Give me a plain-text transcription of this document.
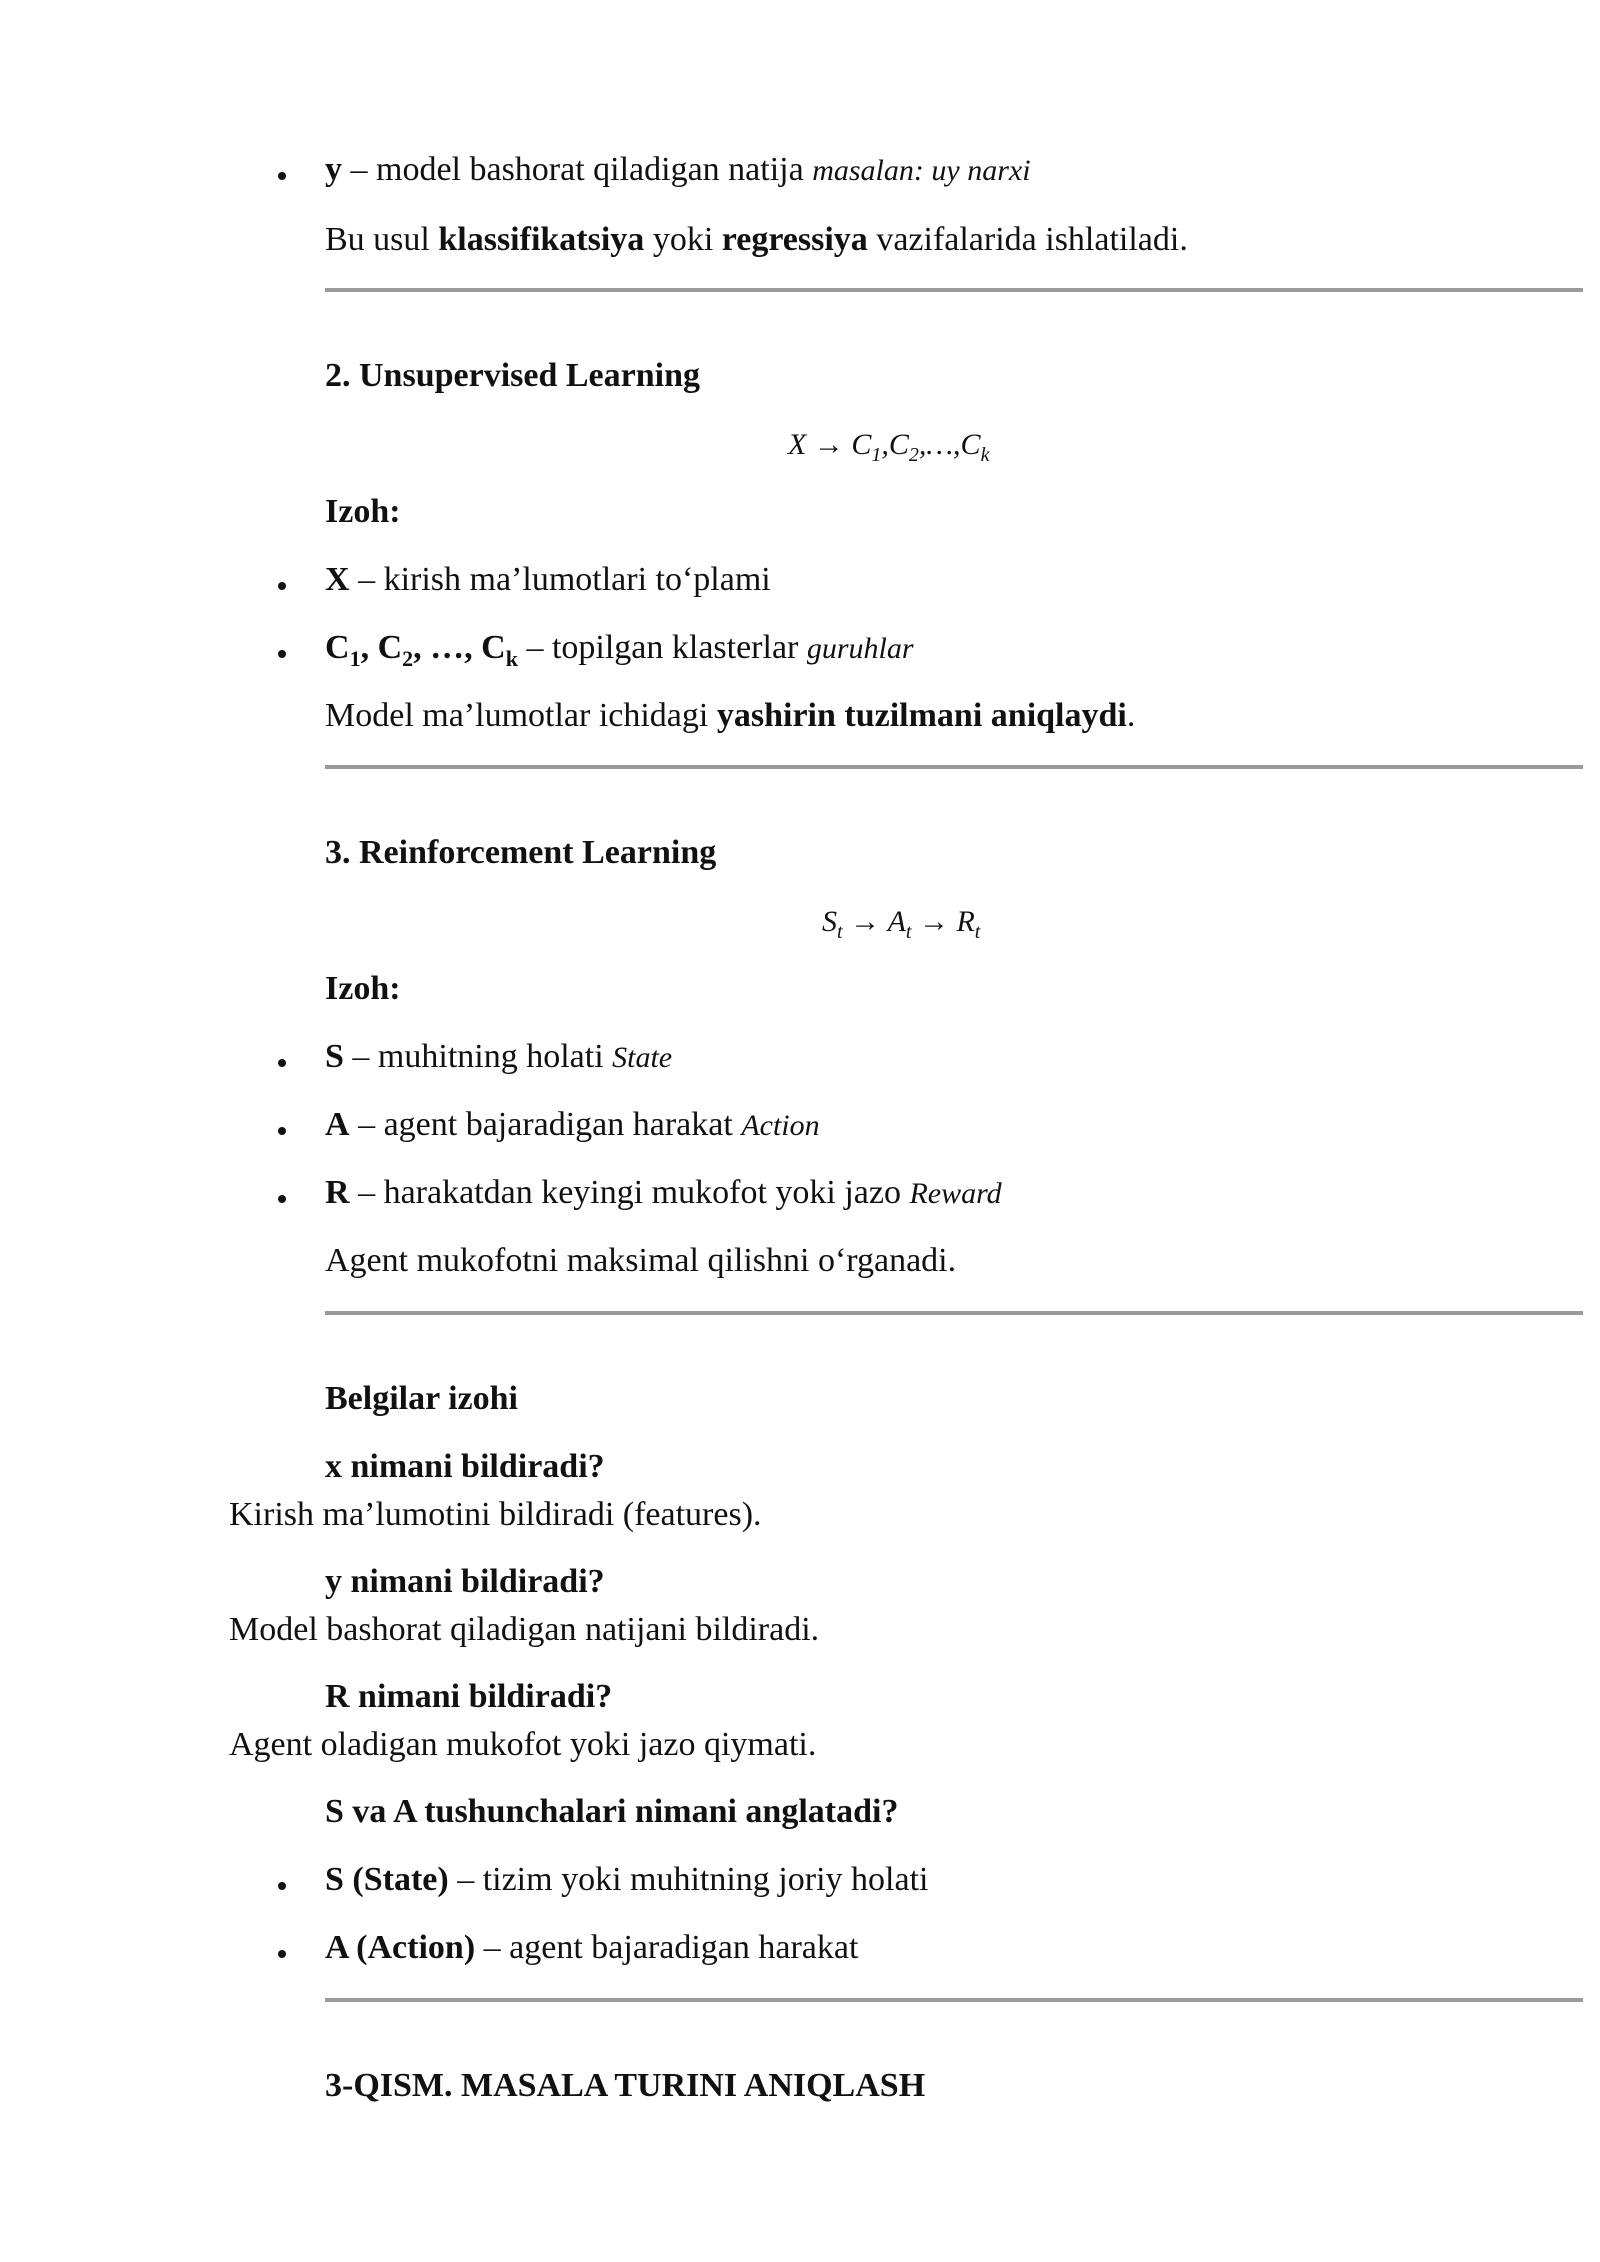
y – model bashorat qiladigan natija masalan: uy narxi
Bu usul klassifikatsiya yoki regressiya vazifalarida ishlatiladi.
2. Unsupervised Learning
$X \to C_1,C_2,\dots,C_k$
Izoh:
X – kirish ma’lumotlari to‘plami
$C_1$, $C_2$, …, $C_k$ – topilgan klasterlar guruhlar
Model ma’lumotlar ichidagi yashirin tuzilmani aniqlaydi.
3. Reinforcement Learning
$S_t \to A_t \to R_t$
Izoh:
S – muhitning holati State
A – agent bajaradigan harakat Action
R – harakatdan keyingi mukofot yoki jazo Reward
Agent mukofotni maksimal qilishni o‘rganadi.
Belgilar izohi
x nimani bildiradi?
Kirish ma’lumotini bildiradi (features).
y nimani bildiradi?
Model bashorat qiladigan natijani bildiradi.
R nimani bildiradi?
Agent oladigan mukofot yoki jazo qiymati.
S va A tushunchalari nimani anglatadi?
S (State) – tizim yoki muhitning joriy holati
A (Action) – agent bajaradigan harakat
3-QISM. MASALA TURINI ANIQLASH
